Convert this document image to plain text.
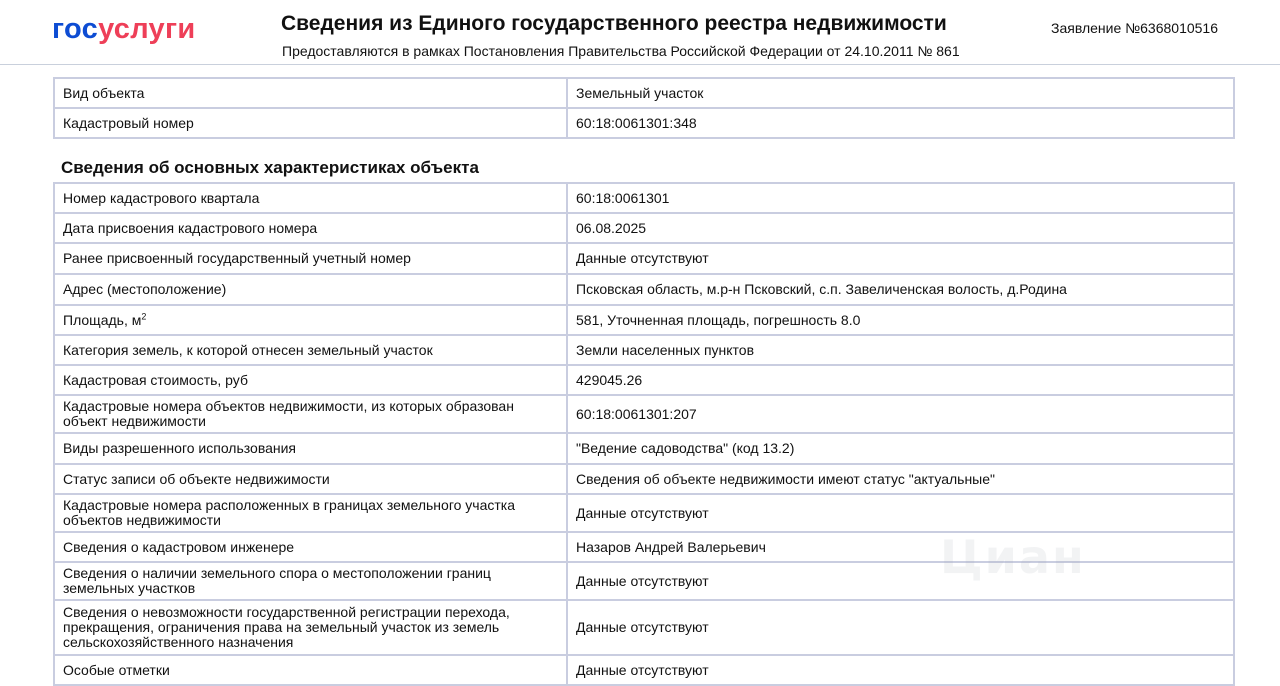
госуслуги	Сведения из Единого государственного реестра недвижимости
Предоставляются в рамках Постановления Правительства Российской Федерации от 24.10.2011 № 861
Заявление №6368010516
Вид объекта	Земельный участок
Кадастровый номер	60:18:0061301:348
Сведения об основных характеристиках объекта
Номер кадастрового квартала	60:18:0061301
Дата присвоения кадастрового номера	06.08.2025
Ранее присвоенный государственный учетный номер	Данные отсутствуют
Адрес (местоположение)	Псковская область, м.р-н Псковский, с.п. Завеличенская волость, д.Родина
Площадь, $м^2$	581, Уточненная площадь, погрешность 8.0
Категория земель, к которой отнесен земельный участок	Земли населенных пунктов
Кадастровая стоимость, руб	429045.26
Кадастровые номера объектов недвижимости, из которых образован объект недвижимости	60:18:0061301:207
Виды разрешенного использования	"Ведение садоводства" (код 13.2)
Статус записи об объекте недвижимости	Сведения об объекте недвижимости имеют статус "актуальные"
Кадастровые номера расположенных в границах земельного участка объектов недвижимости	Данные отсутствуют
Сведения о кадастровом инженере	Назаров Андрей Валерьевич
Сведения о наличии земельного спора о местоположении границ земельных участков	Данные отсутствуют
Сведения о невозможности государственной регистрации перехода, прекращения, ограничения права на земельный участок из земель сельскохозяйственного назначения	Данные отсутствуют
Особые отметки	Данные отсутствуют
Циан
